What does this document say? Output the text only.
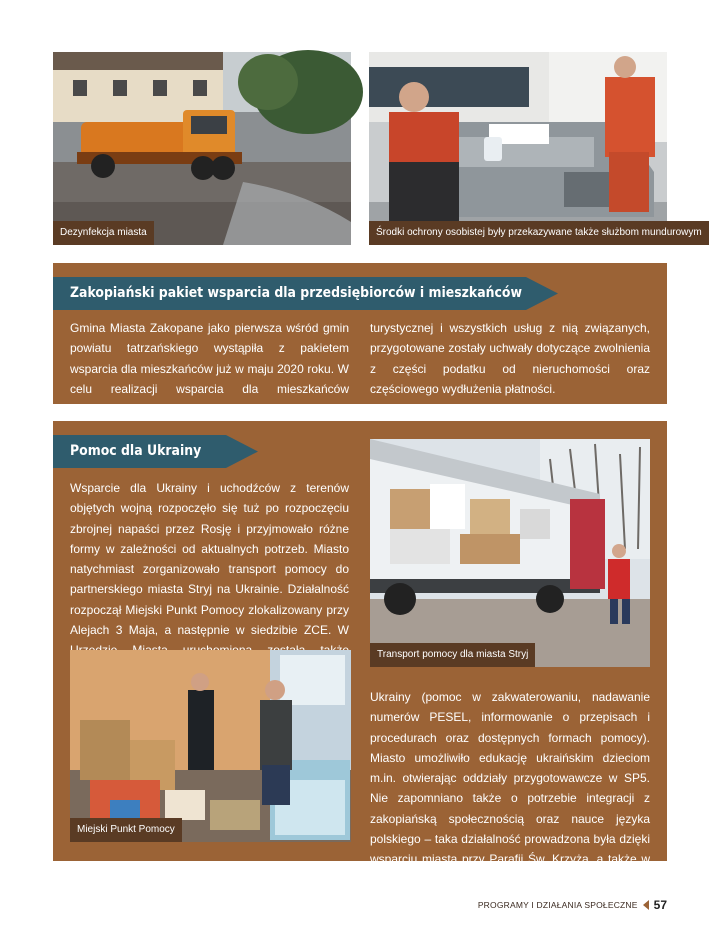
Dezynfekcja miasta	Środki ochrony osobistej były przekazywane także służbom mundurowym
Zakopiański pakiet wsparcia dla przedsiębiorców i mieszkańców

Gmina Miasta Zakopane jako pierwsza wśród gmin powiatu tatrzańskiego wystąpiła z pakietem wsparcia dla mieszkańców już w maju 2020 roku. W celu realizacji wsparcia dla mieszkańców działających w branży

turystycznej i wszystkich usług z nią związanych, przygotowane zostały uchwały dotyczące zwolnienia z części podatku od nieruchomości oraz częściowego wydłużenia płatności.

Pomoc dla Ukrainy

Wsparcie dla Ukrainy i uchodźców z terenów objętych wojną rozpoczęło się tuż po rozpoczęciu zbrojnej napaści przez Rosję i przyjmowało różne formy w zależności od aktualnych potrzeb. Miasto natychmiast zorganizowało transport pomocy do partnerskiego miasta Stryj na Ukrainie. Działalność rozpoczął Miejski Punkt Pomocy zlokalizowany przy Alejach 3 Maja, a następnie w siedzibie ZCE. W

Ukrainy (pomoc w zakwaterowaniu, nadawanie numerów PESEL, informowanie o przepisach i procedurach oraz dostępnych formach pomocy). Miasto umożliwiło edukację ukraińskim dzieciom m.in. otwierając oddziały przygotowawcze w SP5. Nie zapomniano także o potrzebie integracji z zakopiańską społecznością oraz nauce języka polskiego – taka działalność prowadzona była dzięki wsparciu miasta przy Parafii Św. Krzyża, a także w Miejskiej Bibliotece Publicznej.

Transport pomocy dla miasta Stryj
Miejski Punkt Pomocy
PROGRAMY I DZIAŁANIA SPOŁECZNE 57
